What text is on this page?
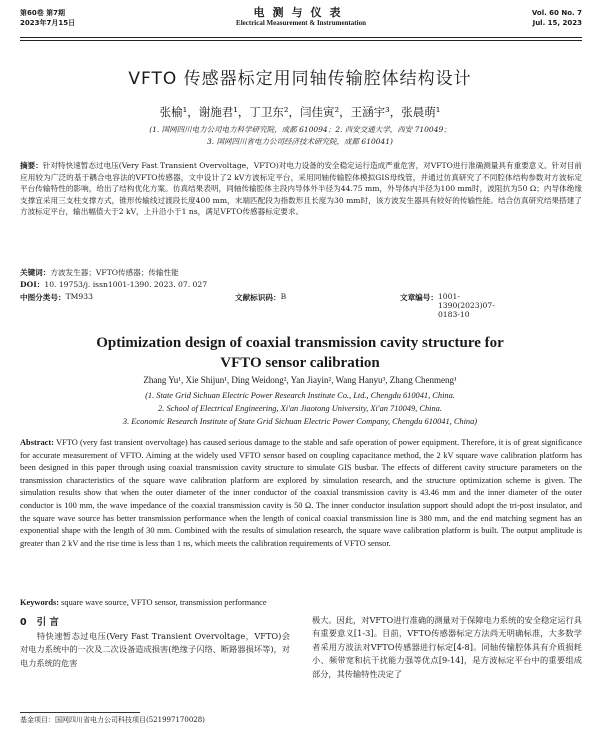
第60卷 第7期
2023年7月15日
电测与仪表
Electrical Measurement & Instrumentation
Vol. 60 No. 7
Jul. 15, 2023
VFTO 传感器标定用同轴传输腔体结构设计
张榆¹，谢施君¹，丁卫东²，闫佳寅²，王涵宇³，张晨萌¹
(1. 国网四川电力公司电力科学研究院，成都 610094；2. 西安交通大学，西安 710049；
3. 国网四川省电力公司经济技术研究院，成都 610041)
摘要：针对特快速暂态过电压(Very Fast Transient Overvoltage，VFTO)对电力设备的安全稳定运行造成严重危害，对VFTO进行准确测量具有重要意义。针对目前应用较为广泛的基于耦合电容法的VFTO传感器，文中设计了2 kV方波标定平台，采用同轴传输腔体模拟GIS母线管，并通过仿真研究了不同腔体结构参数对方波标定平台传输特性的影响，给出了结构优化方案。仿真结果表明，同轴传输腔体主段内导体外半径为44.75 mm，外导体内半径为100 mm时，波阻抗为50 Ω；内导体绝缘支撑宜采用三支柱支撑方式，锥形传输线过渡段长度400 mm，末端匹配段为指数形且长度为30 mm时，该方波发生器具有较好的传输性能。结合仿真研究结果搭建了方波标定平台，输出幅值大于2 kV，上升沿小于1 ns，满足VFTO传感器标定要求。
关键词：方波发生器；VFTO传感器；传输性能
DOI：10. 19753/j. issn1001-1390. 2023. 07. 027
中图分类号： TM933	文献标识码： B	文章编号： 1001-1390(2023)07-0183-10
Optimization design of coaxial transmission cavity structure for
VFTO sensor calibration
Zhang Yu¹, Xie Shijun¹, Ding Weidong², Yan Jiayin², Wang Hanyu³, Zhang Chenmeng¹
(1. State Grid Sichuan Electric Power Research Institute Co., Ltd., Chengdu 610041, China.
2. School of Electrical Engineering, Xi'an Jiaotong University, Xi'an 710049, China.
3. Economic Research Institute of State Grid Sichuan Electric Power Company, Chengdu 610041, China)
Abstract: VFTO (very fast transient overvoltage) has caused serious damage to the stable and safe operation of power equipment. Therefore, it is of great significance for accurate measurement of VFTO. Aiming at the widely used VFTO sensor based on coupling capacitance method, the 2 kV square wave calibration platform has been designed in this paper through using coaxial transmission cavity structure to simulate GIS busbar. The effects of different cavity structure parameters on the transmission characteristics of the square wave calibration platform are explored by simulation research, and the structure optimization scheme is given. The simulation results show that when the outer diameter of the inner conductor of the coaxial transmission cavity is 43.46 mm and the inner diameter of the outer conductor is 100 mm, the wave impedance of the coaxial transmission cavity is 50 Ω. The inner conductor insulation support should adopt the tri-post insulator, and the square wave source has better transmission performance when the length of conical coaxial transmission line is 380 mm, and the end matching segment has an exponential shape with the length of 30 mm. Combined with the results of simulation research, the square wave calibration platform is built. The output amplitude is greater than 2 kV and the rise time is less than 1 ns, which meets the calibration requirements of VFTO sensor.
Keywords: square wave source, VFTO sensor, transmission performance
0 引 言
  特快速暂态过电压(Very Fast Transient Overvoltage，VFTO)会对电力系统中的一次及二次设备造成损害(绝缘子闪络、断路器损坏等)，对电力系统的危害
极大。因此，对VFTO进行准确的测量对于保障电力系统的安全稳定运行具有重要意义[1-3]。目前，VFTO传感器标定方法尚无明确标准，大多数学者采用方波法对VFTO传感器进行标定[4-8]。同轴传输腔体具有介质损耗小、频带宽和抗干扰能力强等优点[9-14]，是方波标定平台中的重要组成部分，其传输特性决定了
基金项目：国网四川省电力公司科技项目(521997170028)
